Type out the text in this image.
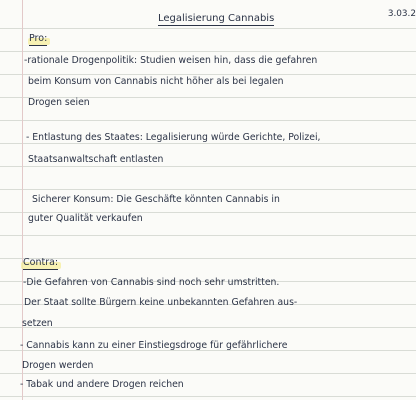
Legalisierung Cannabis	3.03.2
Pro:
-rationale Drogenpolitik: Studien weisen hin, dass die gefahren
beim Konsum von Cannabis nicht höher als bei legalen
Drogen seien
- Entlastung des Staates: Legalisierung würde Gerichte, Polizei,
Staatsanwaltschaft entlasten
Sicherer Konsum: Die Geschäfte könnten Cannabis in
guter Qualität verkaufen
Contra:
-Die Gefahren von Cannabis sind noch sehr umstritten.
Der Staat sollte Bürgern keine unbekannten Gefahren aus-
setzen
- Cannabis kann zu einer Einstiegsdroge für gefährlichere
Drogen werden
- Tabak und andere Drogen reichen
